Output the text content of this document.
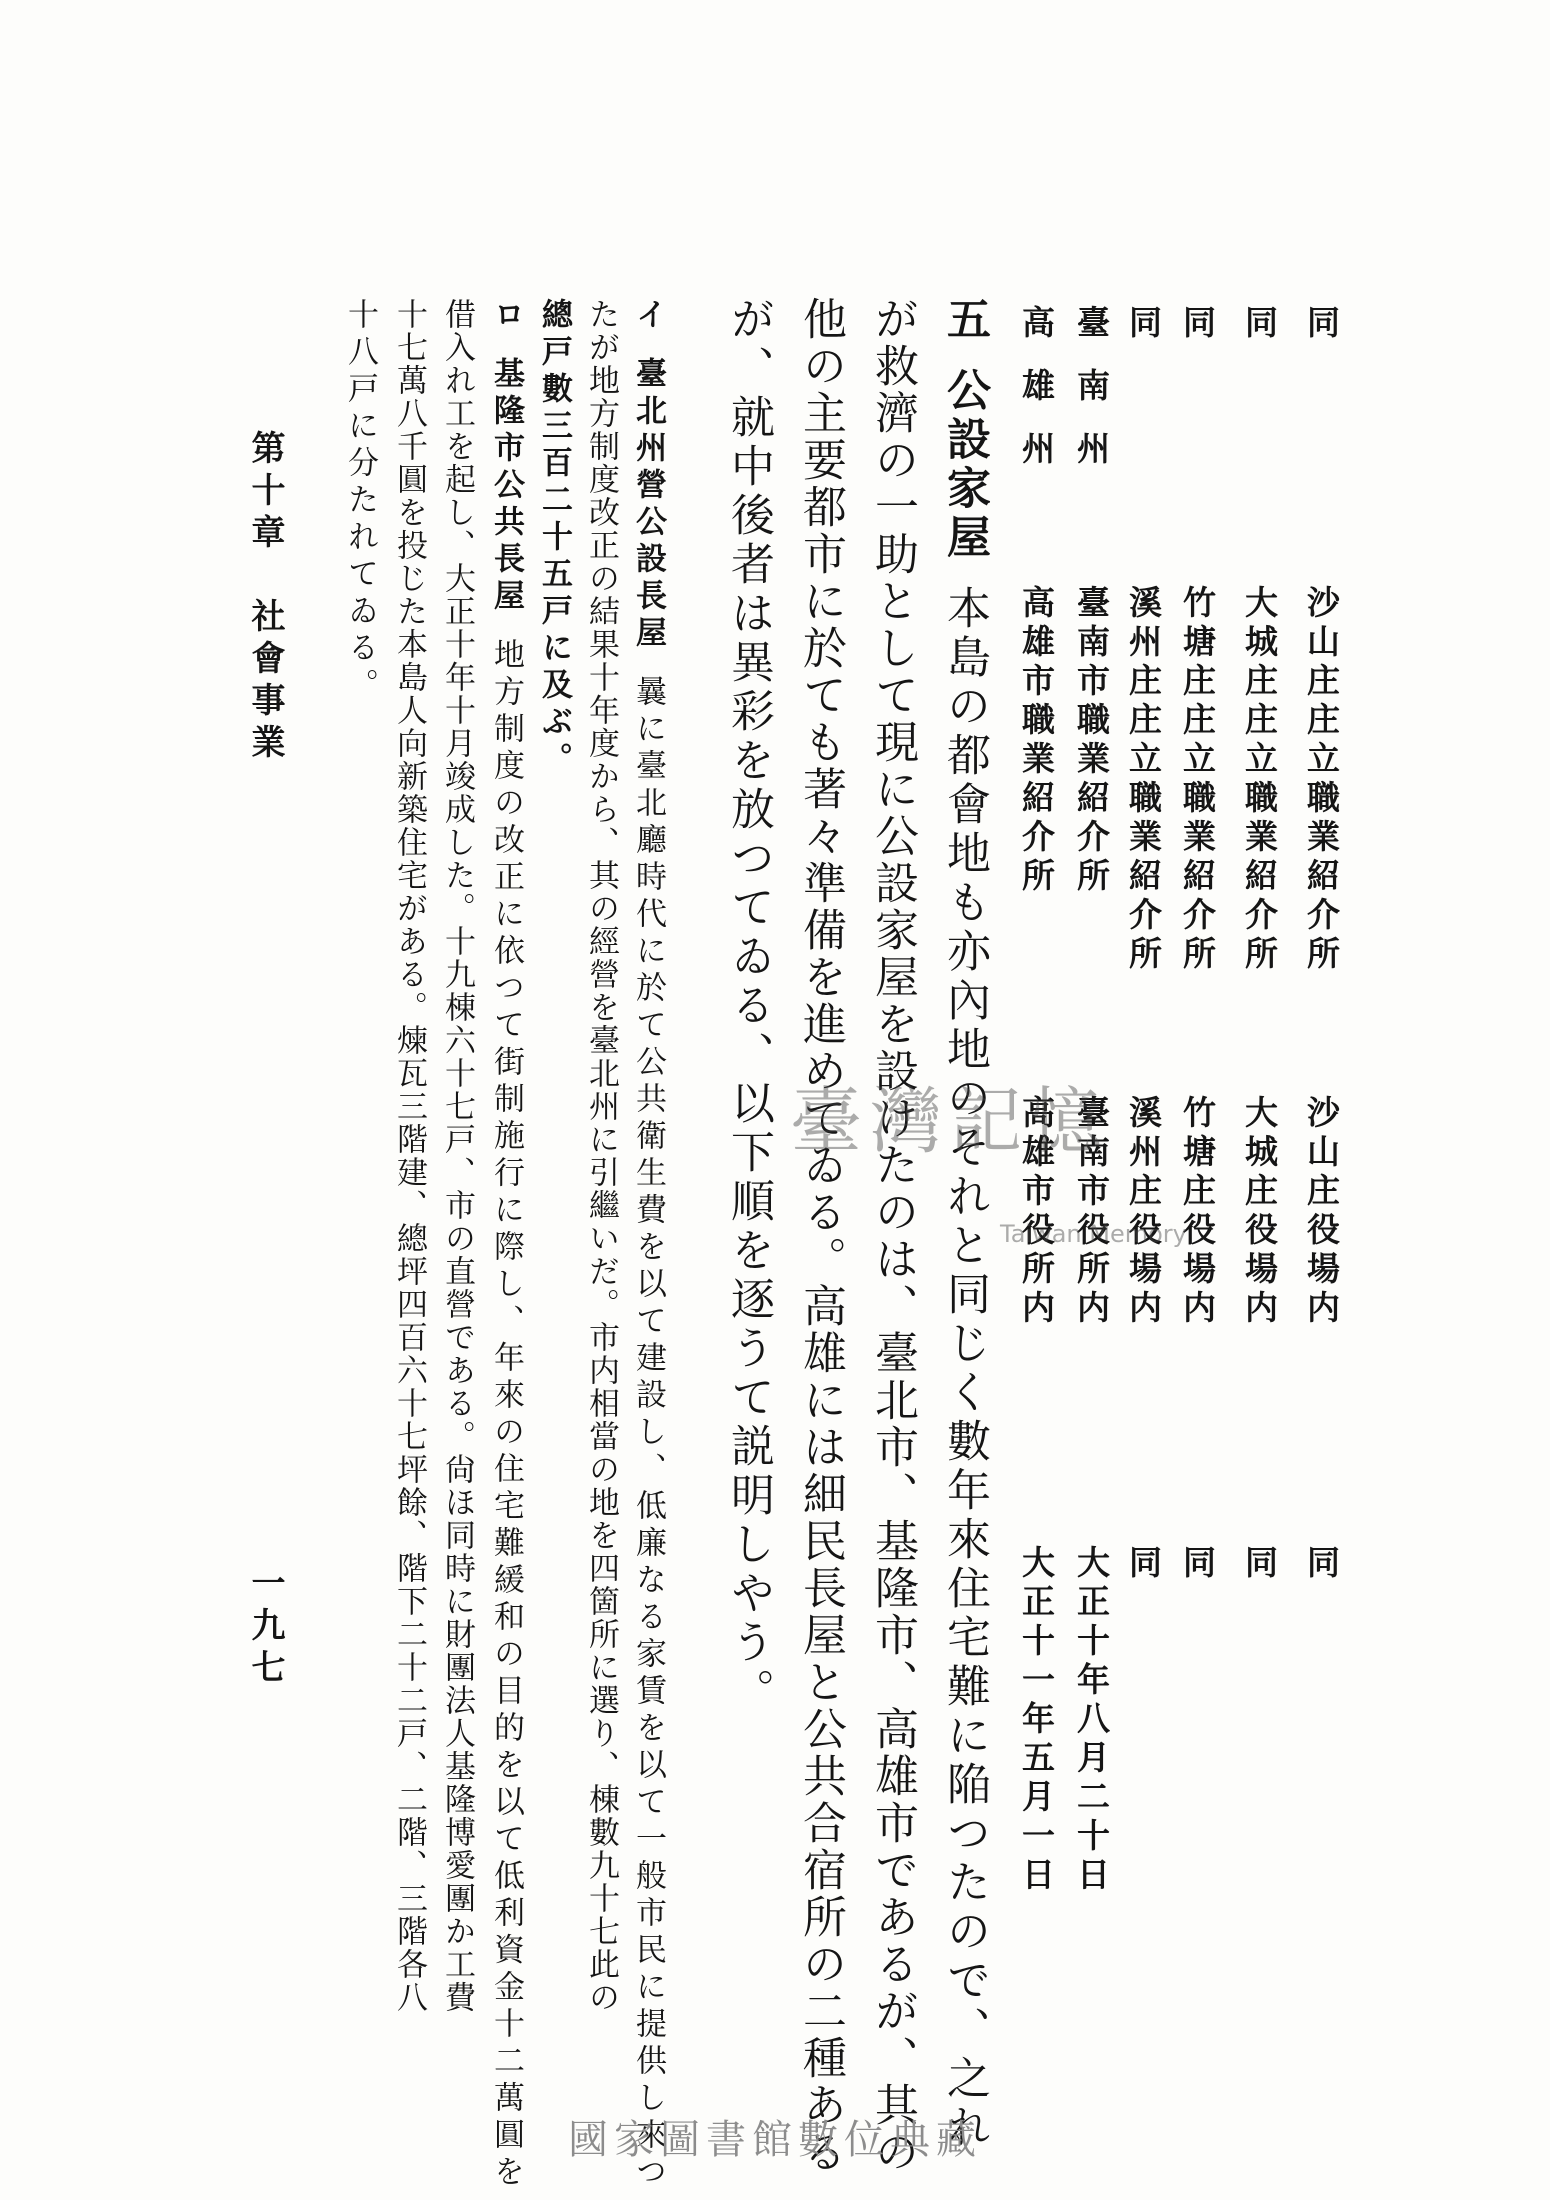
同
沙山庄庄立職業紹介所
沙山庄役場内
同
同
大城庄庄立職業紹介所
大城庄役場内
同
同
竹塘庄庄立職業紹介所
竹塘庄役場内
同
同
溪州庄庄立職業紹介所
溪州庄役場内
同
臺南州
臺南市職業紹介所
臺南市役所内
大正十年八月二十日
高雄州
高雄市職業紹介所
高雄市役所内
大正十一年五月一日
五公設家屋本島の都會地も亦內地のそれと同じく數年來住宅難に陥つたので、之れ
が救濟の一助として現に公設家屋を設けたのは、臺北市、基隆市、高雄市であるが、其の
他の主要都市に於ても著々準備を進めてゐる。高雄には細民長屋と公共合宿所の二種ある
が、就中後者は異彩を放つてゐる、以下順を逐うて説明しやう。
イ臺北州營公設長屋曩に臺北廳時代に於て公共衛生費を以て建設し、低廉なる家賃を以て一般市民に提供し來つ
たが地方制度改正の結果十年度から、其の經營を臺北州に引繼いだ。市内相當の地を四箇所に選り、棟數九十七此の
總戸數三百二十五戸に及ぶ。
ロ基隆市公共長屋地方制度の改正に依つて街制施行に際し、年來の住宅難緩和の目的を以て低利資金十二萬圓を
借入れ工を起し、大正十年十月竣成した。十九棟六十七戸、市の直營である。尙ほ同時に財團法人基隆博愛團か工費
十七萬八千圓を投じた本島人向新築住宅がある。煉瓦三階建、總坪四百六十七坪餘、階下二十二戸、二階、三階各八
十八戸に分たれてゐる。
第十章　社會事業
一九七
臺灣記憶
Taiwan Memory
國家圖書館數位典藏
